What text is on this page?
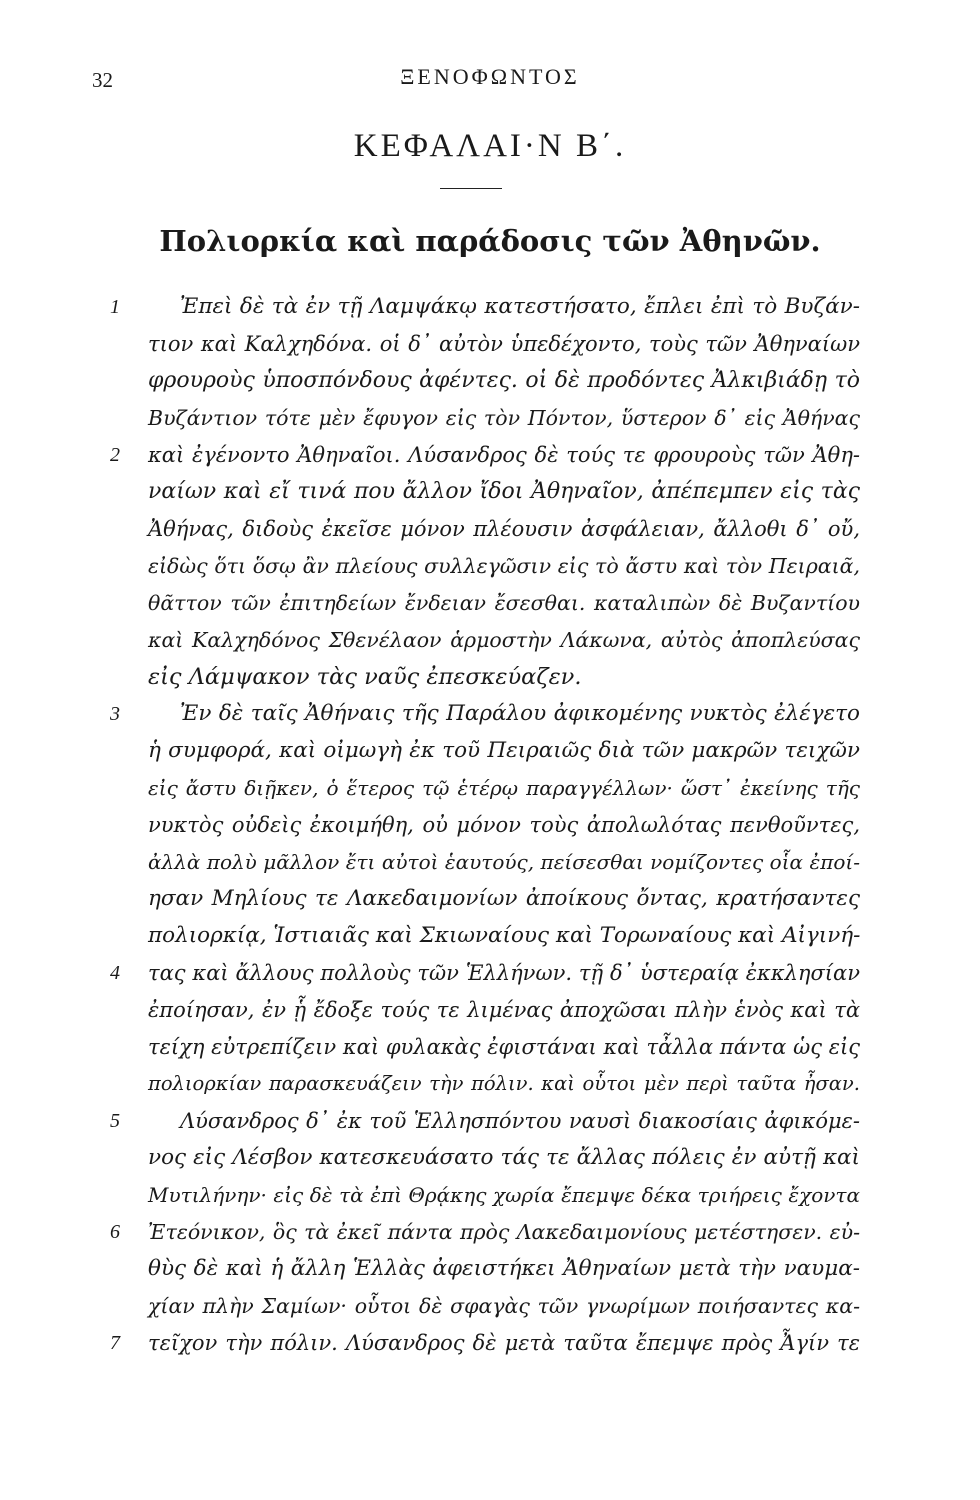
32	ΞΕΝΟΦΩΝΤΟΣ
ΚΕΦΑΛΑΙ·Ν Β΄.
Πολιορκία καὶ παράδοσις τῶν Ἀθηνῶν.
Ἐπεὶ δὲ τὰ ἐν τῇ Λαμψάκῳ κατεστήσατο, ἔπλει ἐπὶ τὸ Βυζάν-
τιον καὶ Καλχηδόνα. οἱ δ᾽ αὐτὸν ὑπεδέχοντο, τοὺς τῶν Ἀθηναίων
φρουροὺς ὑποσπόνδους ἀφέντες. οἱ δὲ προδόντες Ἀλκιβιάδῃ τὸ
Βυζάντιον τότε μὲν ἔφυγον εἰς τὸν Πόντον, ὕστερον δ᾽ εἰς Ἀθήνας
καὶ ἐγένοντο Ἀθηναῖοι. Λύσανδρος δὲ τούς τε φρουροὺς τῶν Ἀθη-
ναίων καὶ εἴ τινά που ἄλλον ἴδοι Ἀθηναῖον, ἀπέπεμπεν εἰς τὰς
Ἀθήνας, διδοὺς ἐκεῖσε μόνον πλέουσιν ἀσφάλειαν, ἄλλοθι δ᾽ οὔ,
εἰδὼς ὅτι ὅσῳ ἂν πλείους συλλεγῶσιν εἰς τὸ ἄστυ καὶ τὸν Πειραιᾶ,
θᾶττον τῶν ἐπιτηδείων ἔνδειαν ἔσεσθαι. καταλιπὼν δὲ Βυζαντίου
καὶ Καλχηδόνος Σθενέλαον ἁρμοστὴν Λάκωνα, αὐτὸς ἀποπλεύσας
εἰς Λάμψακον τὰς ναῦς ἐπεσκεύαζεν.
Ἐν δὲ ταῖς Ἀθήναις τῆς Παράλου ἀφικομένης νυκτὸς ἐλέγετο
ἡ συμφορά, καὶ οἰμωγὴ ἐκ τοῦ Πειραιῶς διὰ τῶν μακρῶν τειχῶν
εἰς ἄστυ διῇκεν, ὁ ἕτερος τῷ ἑτέρῳ παραγγέλλων· ὥστ᾽ ἐκείνης τῆς
νυκτὸς οὐδεὶς ἐκοιμήθη, οὐ μόνον τοὺς ἀπολωλότας πενθοῦντες,
ἀλλὰ πολὺ μᾶλλον ἔτι αὐτοὶ ἑαυτούς, πείσεσθαι νομίζοντες οἷα ἐποί-
ησαν Μηλίους τε Λακεδαιμονίων ἀποίκους ὄντας, κρατήσαντες
πολιορκίᾳ, Ἱστιαιᾶς καὶ Σκιωναίους καὶ Τορωναίους καὶ Αἰγινή-
τας καὶ ἄλλους πολλοὺς τῶν Ἑλλήνων. τῇ δ᾽ ὑστεραίᾳ ἐκκλησίαν
ἐποίησαν, ἐν ᾗ ἔδοξε τούς τε λιμένας ἀποχῶσαι πλὴν ἑνὸς καὶ τὰ
τείχη εὐτρεπίζειν καὶ φυλακὰς ἐφιστάναι καὶ τἆλλα πάντα ὡς εἰς
πολιορκίαν παρασκευάζειν τὴν πόλιν. καὶ οὗτοι μὲν περὶ ταῦτα ἦσαν.
Λύσανδρος δ᾽ ἐκ τοῦ Ἑλλησπόντου ναυσὶ διακοσίαις ἀφικόμε-
νος εἰς Λέσβον κατεσκευάσατο τάς τε ἄλλας πόλεις ἐν αὐτῇ καὶ
Μυτιλήνην· εἰς δὲ τὰ ἐπὶ Θρᾴκης χωρία ἔπεμψε δέκα τριήρεις ἔχοντα
Ἐτεόνικον, ὃς τὰ ἐκεῖ πάντα πρὸς Λακεδαιμονίους μετέστησεν. εὐ-
θὺς δὲ καὶ ἡ ἄλλη Ἑλλὰς ἀφειστήκει Ἀθηναίων μετὰ τὴν ναυμα-
χίαν πλὴν Σαμίων· οὗτοι δὲ σφαγὰς τῶν γνωρίμων ποιήσαντες κα-
τεῖχον τὴν πόλιν. Λύσανδρος δὲ μετὰ ταῦτα ἔπεμψε πρὸς Ἆγίν τε
1
2
3
4
5
6
7
